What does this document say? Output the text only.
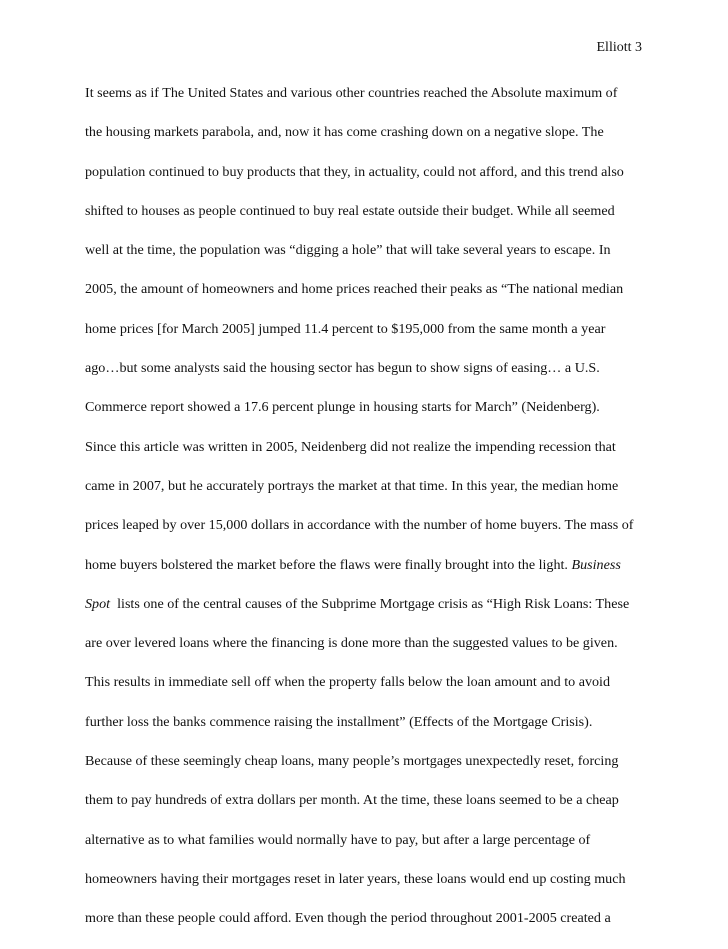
Elliott 3
It seems as if The United States and various other countries reached the Absolute maximum of
the housing markets parabola, and, now it has come crashing down on a negative slope. The
population continued to buy products that they, in actuality, could not afford, and this trend also
shifted to houses as people continued to buy real estate outside their budget. While all seemed
well at the time, the population was “digging a hole” that will take several years to escape. In
2005, the amount of homeowners and home prices reached their peaks as “The national median
home prices [for March 2005] jumped 11.4 percent to $195,000 from the same month a year
ago…but some analysts said the housing sector has begun to show signs of easing… a U.S.
Commerce report showed a 17.6 percent plunge in housing starts for March” (Neidenberg).
Since this article was written in 2005, Neidenberg did not realize the impending recession that
came in 2007, but he accurately portrays the market at that time. In this year, the median home
prices leaped by over 15,000 dollars in accordance with the number of home buyers. The mass of
home buyers bolstered the market before the flaws were finally brought into the light. Business
Spot  lists one of the central causes of the Subprime Mortgage crisis as “High Risk Loans: These
are over levered loans where the financing is done more than the suggested values to be given.
This results in immediate sell off when the property falls below the loan amount and to avoid
further loss the banks commence raising the installment” (Effects of the Mortgage Crisis).
Because of these seemingly cheap loans, many people’s mortgages unexpectedly reset, forcing
them to pay hundreds of extra dollars per month. At the time, these loans seemed to be a cheap
alternative as to what families would normally have to pay, but after a large percentage of
homeowners having their mortgages reset in later years, these loans would end up costing much
more than these people could afford. Even though the period throughout 2001-2005 created a
